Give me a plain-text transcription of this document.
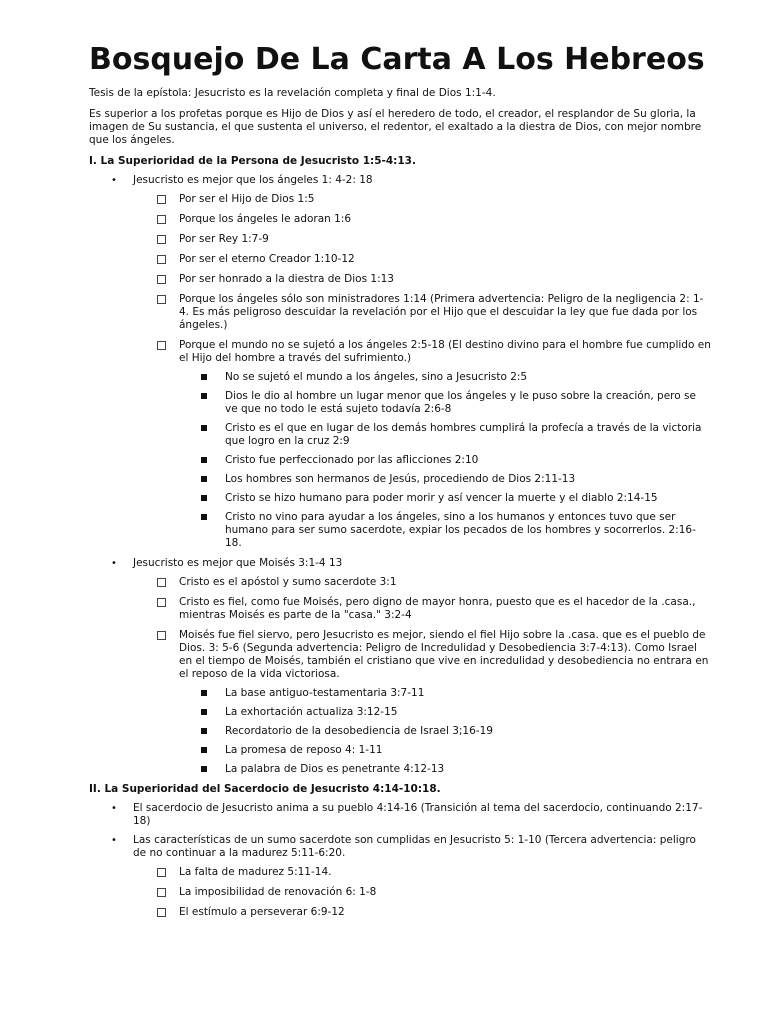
Bosquejo De La Carta A Los Hebreos

Tesis de la epístola: Jesucristo es la revelación completa y final de Dios 1:1-4.

Es superior a los profetas porque es Hijo de Dios y así el heredero de todo, el creador, el resplandor de Su gloria, la imagen de Su sustancia, el que sustenta el universo, el redentor, el exaltado a la diestra de Dios, con mejor nombre que los ángeles.

I. La Superioridad de la Persona de Jesucristo 1:5-4:13.
• Jesucristo es mejor que los ángeles 1: 4-2: 18
Por ser el Hijo de Dios 1:5
Porque los ángeles le adoran 1:6
Por ser Rey 1:7-9
Por ser el eterno Creador 1:10-12
Por ser honrado a la diestra de Dios 1:13
Porque los ángeles sólo son ministradores 1:14 (Primera advertencia: Peligro de la negligencia 2: 1-4. Es más peligroso descuidar la revelación por el Hijo que el descuidar la ley que fue dada por los ángeles.)
Porque el mundo no se sujetó a los ángeles 2:5-18 (El destino divino para el hombre fue cumplido en el Hijo del hombre a través del sufrimiento.)
No se sujetó el mundo a los ángeles, sino a Jesucristo 2:5
Dios le dio al hombre un lugar menor que los ángeles y le puso sobre la creación, pero se ve que no todo le está sujeto todavía 2:6-8
Cristo es el que en lugar de los demás hombres cumplirá la profecía a través de la victoria que logro en la cruz 2:9
Cristo fue perfeccionado por las aflicciones 2:10
Los hombres son hermanos de Jesús, procediendo de Dios 2:11-13
Cristo se hizo humano para poder morir y así vencer la muerte y el diablo 2:14-15
Cristo no vino para ayudar a los ángeles, sino a los humanos y entonces tuvo que ser humano para ser sumo sacerdote, expiar los pecados de los hombres y socorrerlos. 2:16-18.
• Jesucristo es mejor que Moisés 3:1-4 13
Cristo es el apóstol y sumo sacerdote 3:1
Cristo es fiel, como fue Moisés, pero digno de mayor honra, puesto que es el hacedor de la .casa., mientras Moisés es parte de la "casa." 3:2-4
Moisés fue fiel siervo, pero Jesucristo es mejor, siendo el fiel Hijo sobre la .casa. que es el pueblo de Dios. 3: 5-6 (Segunda advertencia: Peligro de Incredulidad y Desobediencia 3:7-4:13). Como Israel en el tiempo de Moisés, también el cristiano que vive en incredulidad y desobediencia no entrara en el reposo de la vida victoriosa.
La base antiguo-testamentaria 3:7-11
La exhortación actualiza 3:12-15
Recordatorio de la desobediencia de Israel 3;16-19
La promesa de reposo 4: 1-11
La palabra de Dios es penetrante 4:12-13
II. La Superioridad del Sacerdocio de Jesucristo 4:14-10:18.
• El sacerdocio de Jesucristo anima a su pueblo 4:14-16 (Transición al tema del sacerdocio, continuando 2:17-18)
• Las características de un sumo sacerdote son cumplidas en Jesucristo 5: 1-10 (Tercera advertencia: peligro de no continuar a la madurez 5:11-6:20.
La falta de madurez 5:11-14.
La imposibilidad de renovación 6: 1-8
El estímulo a perseverar 6:9-12
